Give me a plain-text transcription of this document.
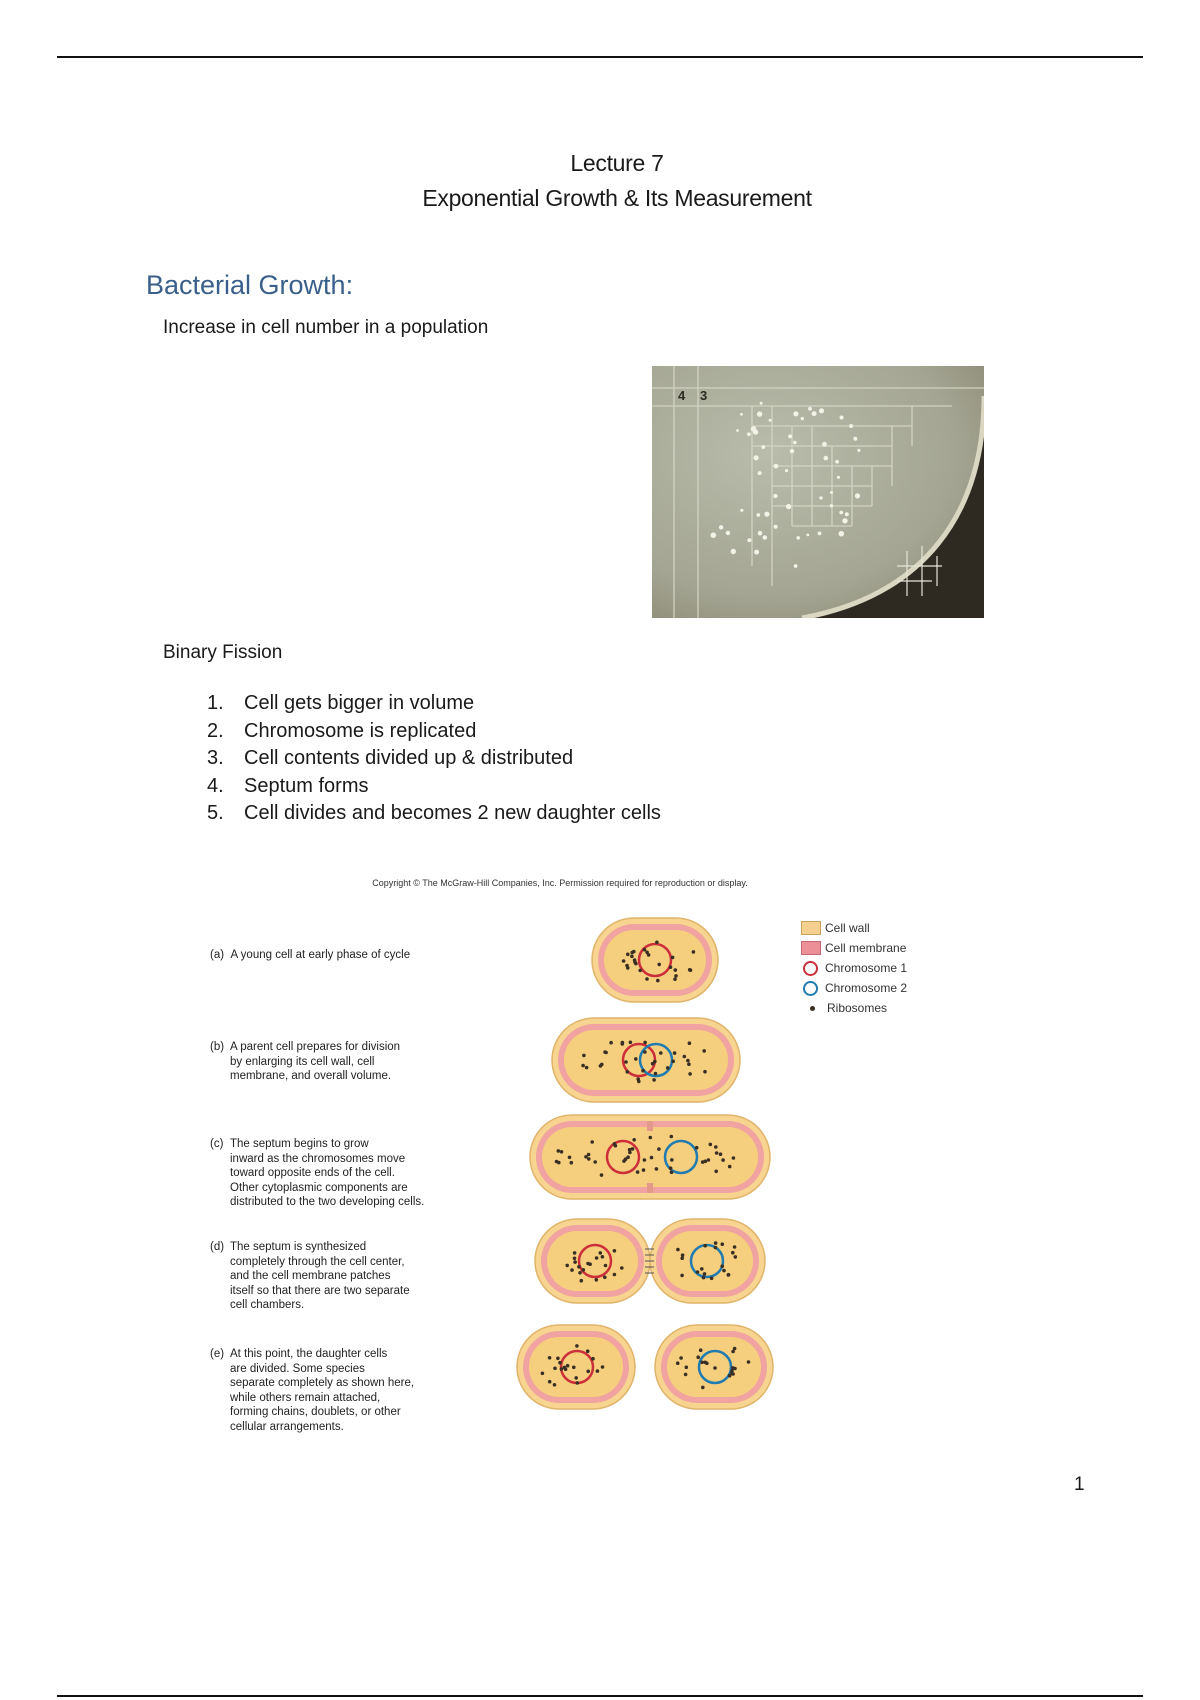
Lecture 7
Exponential Growth & Its Measurement
Bacterial Growth:
Increase in cell number in a population
4 3
Binary Fission
1. Cell gets bigger in volume
2. Chromosome is replicated
3. Cell contents divided up & distributed
4. Septum forms
5. Cell divides and becomes 2 new daughter cells
Copyright © The McGraw-Hill Companies, Inc. Permission required for reproduction or display.
(a) A young cell at early phase of cycle
(b) A parent cell prepares for division
by enlarging its cell wall, cell
membrane, and overall volume.
(c) The septum begins to grow
inward as the chromosomes move
toward opposite ends of the cell.
Other cytoplasmic components are
distributed to the two developing cells.
(d) The septum is synthesized
completely through the cell center,
and the cell membrane patches
itself so that there are two separate
cell chambers.
(e) At this point, the daughter cells
are divided. Some species
separate completely as shown here,
while others remain attached,
forming chains, doublets, or other
cellular arrangements.
Cell wall
Cell membrane
Chromosome 1
Chromosome 2
Ribosomes
1
